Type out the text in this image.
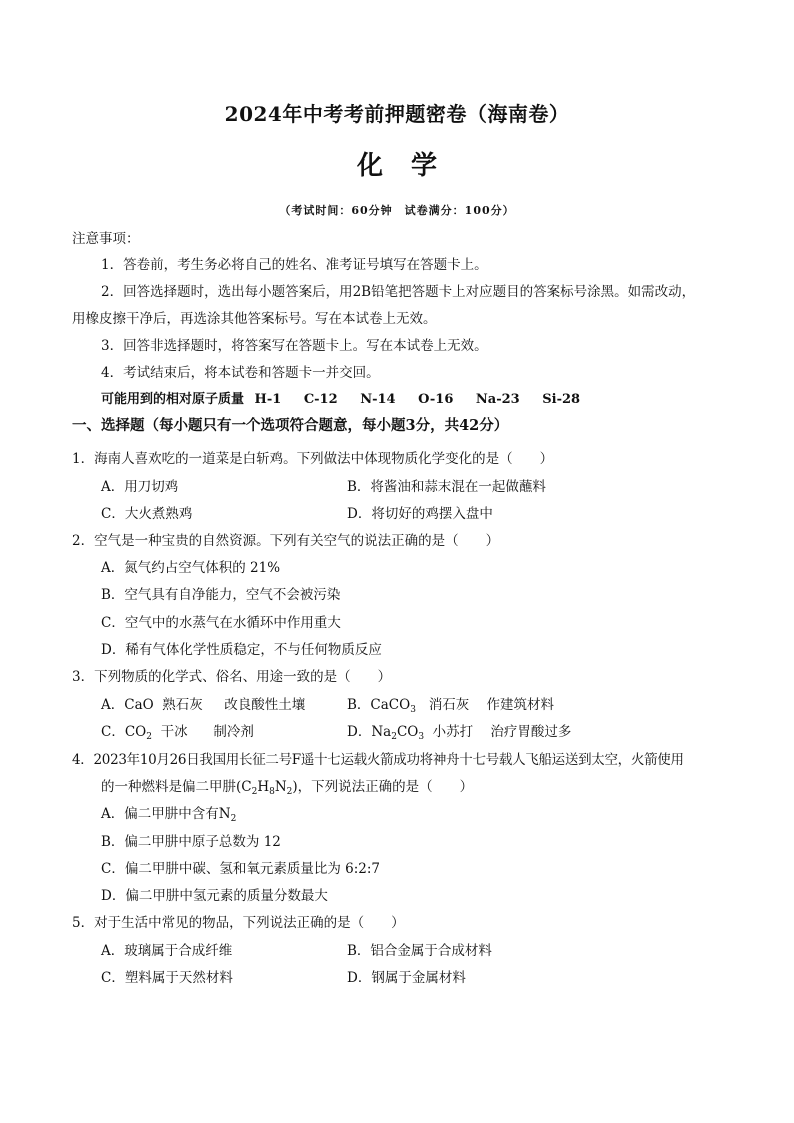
2024年中考考前押题密卷（海南卷）
化学
（考试时间：60分钟　试卷满分：100分）
注意事项：
1．答卷前，考生务必将自己的姓名、准考证号填写在答题卡上。
2．回答选择题时，选出每小题答案后，用2B铅笔把答题卡上对应题目的答案标号涂黑。如需改动，
用橡皮擦干净后，再选涂其他答案标号。写在本试卷上无效。
3．回答非选择题时，将答案写在答题卡上。写在本试卷上无效。
4．考试结束后，将本试卷和答题卡一并交回。
可能用到的相对原子质量 H-1 C-12 N-14 O-16 Na-23 Si-28
一、选择题（每小题只有一个选项符合题意，每小题3分，共42分）
1．海南人喜欢吃的一道菜是白斩鸡。下列做法中体现物质化学变化的是（　　）
A．用刀切鸡	B．将酱油和蒜末混在一起做蘸料
C．大火煮熟鸡	D．将切好的鸡摆入盘中
2．空气是一种宝贵的自然资源。下列有关空气的说法正确的是（　　）
A．氮气约占空气体积的 21%
B．空气具有自净能力，空气不会被污染
C．空气中的水蒸气在水循环中作用重大
D．稀有气体化学性质稳定，不与任何物质反应
3．下列物质的化学式、俗名、用途一致的是（　　）
A．CaO 熟石灰 改良酸性土壤	B．CaCO$_3$ 消石灰 作建筑材料
C．$CO_2$ 干冰 制冷剂	D．$Na_2CO_3$ 小苏打 治疗胃酸过多
4．2023年10月26日我国用长征二号F遥十七运载火箭成功将神舟十七号载人飞船运送到太空，火箭使用
的一种燃料是偏二甲肼$(C_2H_8N_2)$，下列说法正确的是（　　）
A．偏二甲肼中含有$N_2$
B．偏二甲肼中原子总数为 12
C．偏二甲肼中碳、氢和氧元素质量比为 6:2:7
D．偏二甲肼中氢元素的质量分数最大
5．对于生活中常见的物品，下列说法正确的是（　　）
A．玻璃属于合成纤维	B．铝合金属于合成材料
C．塑料属于天然材料	D．钢属于金属材料
